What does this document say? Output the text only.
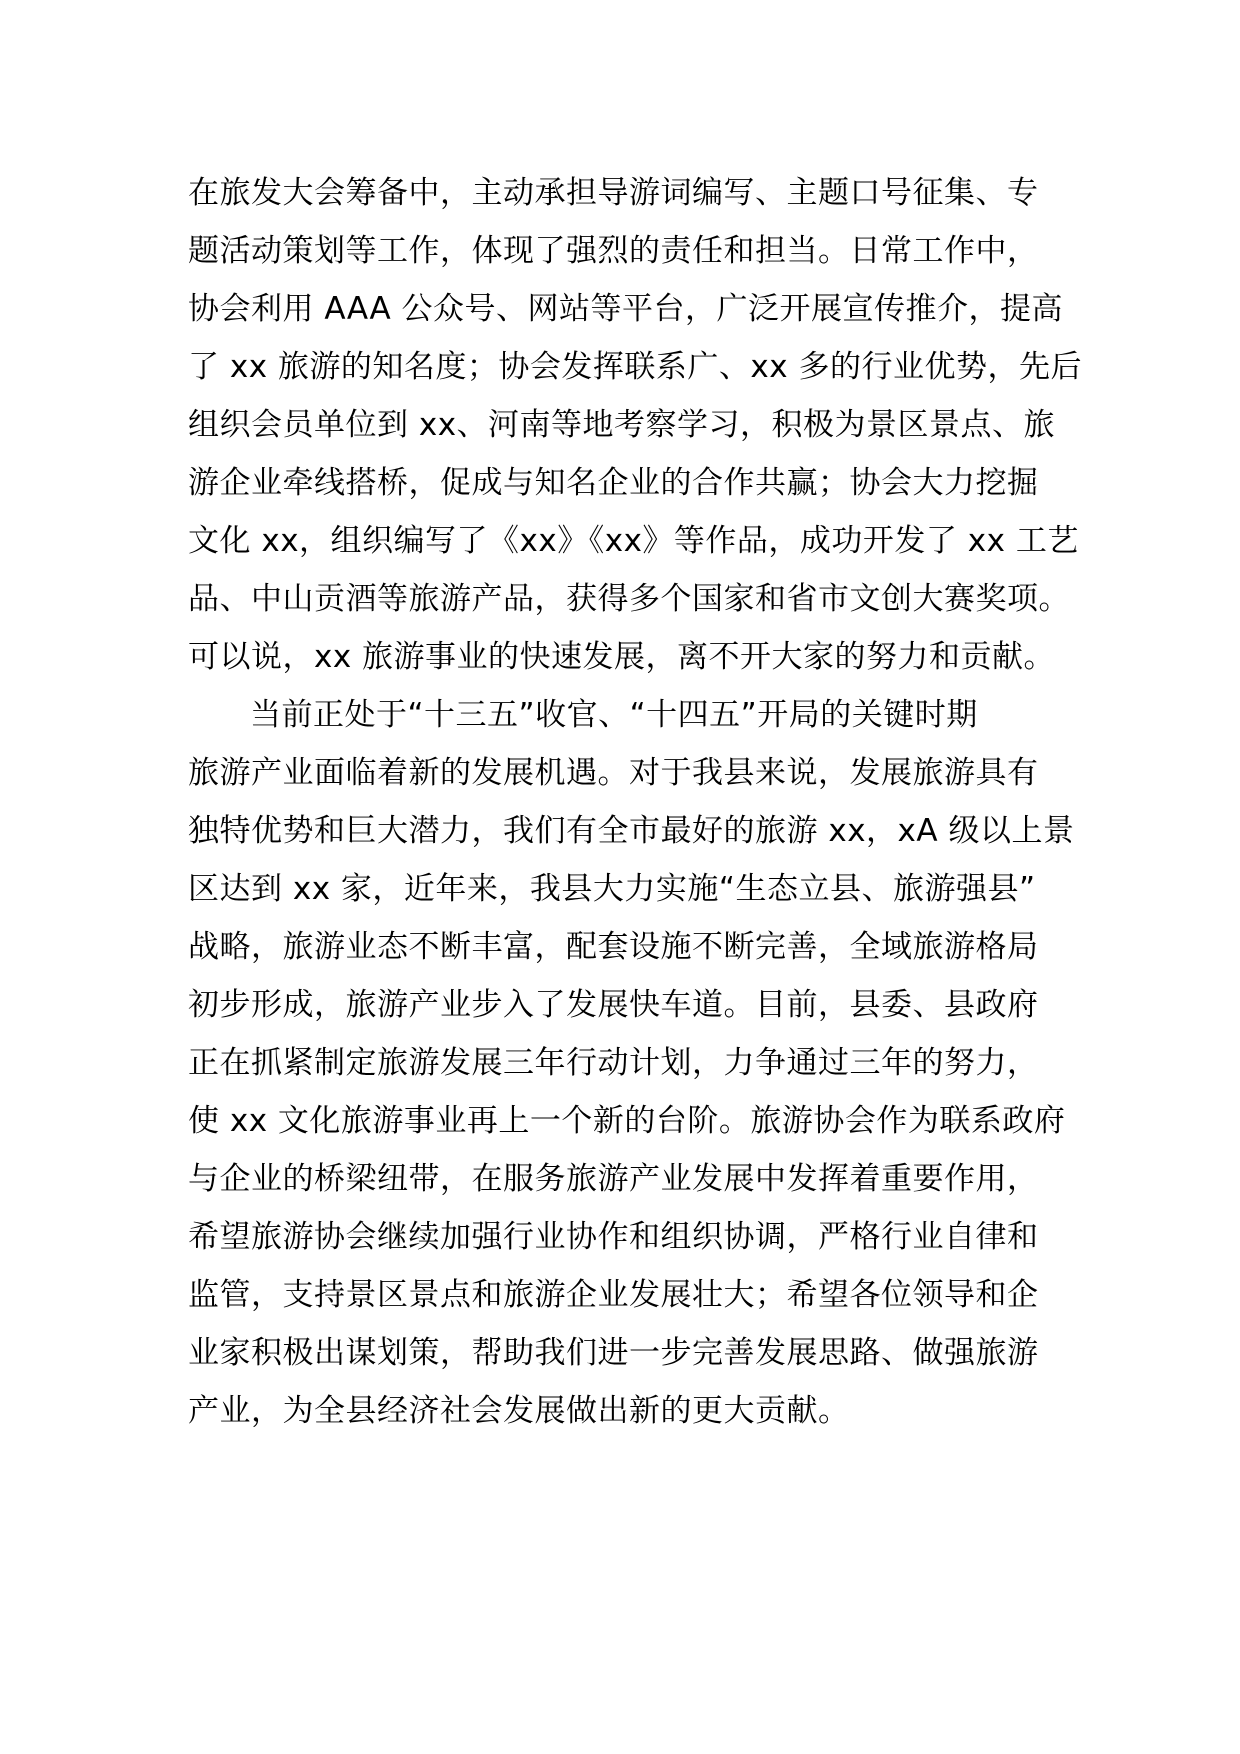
在旅发大会筹备中，主动承担导游词编写、主题口号征集、专
题活动策划等工作，体现了强烈的责任和担当。日常工作中，
协会利用 AAA 公众号、网站等平台，广泛开展宣传推介，提高
了 xx 旅游的知名度；协会发挥联系广、xx 多的行业优势，先后
组织会员单位到 xx、河南等地考察学习，积极为景区景点、旅
游企业牵线搭桥，促成与知名企业的合作共赢；协会大力挖掘
文化 xx，组织编写了《xx》《xx》等作品，成功开发了 xx 工艺
品、中山贡酒等旅游产品，获得多个国家和省市文创大赛奖项。
可以说，xx 旅游事业的快速发展，离不开大家的努力和贡献。
当前正处于“十三五”收官、“十四五”开局的关键时期
旅游产业面临着新的发展机遇。对于我县来说，发展旅游具有
独特优势和巨大潜力，我们有全市最好的旅游 xx，xA 级以上景
区达到 xx 家，近年来，我县大力实施“生态立县、旅游强县”
战略，旅游业态不断丰富，配套设施不断完善，全域旅游格局
初步形成，旅游产业步入了发展快车道。目前，县委、县政府
正在抓紧制定旅游发展三年行动计划，力争通过三年的努力，
使 xx 文化旅游事业再上一个新的台阶。旅游协会作为联系政府
与企业的桥梁纽带，在服务旅游产业发展中发挥着重要作用，
希望旅游协会继续加强行业协作和组织协调，严格行业自律和
监管，支持景区景点和旅游企业发展壮大；希望各位领导和企
业家积极出谋划策，帮助我们进一步完善发展思路、做强旅游
产业，为全县经济社会发展做出新的更大贡献。
